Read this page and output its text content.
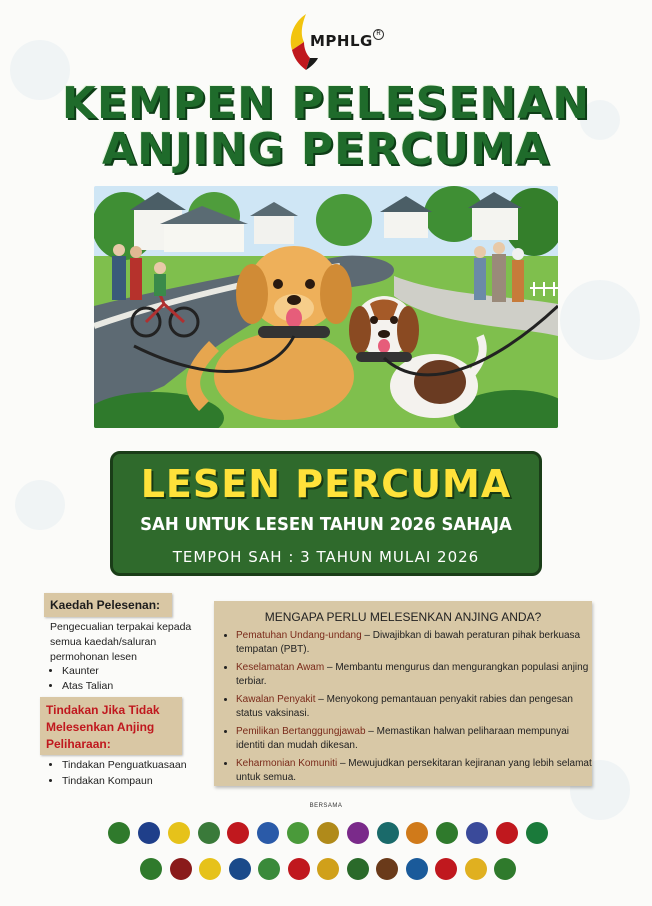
MPHLG R
KEMPEN PELESENAN
ANJING PERCUMA
LESEN PERCUMA
SAH UNTUK LESEN TAHUN 2026 SAHAJA
TEMPOH SAH : 3 TAHUN MULAI 2026
Kaedah Pelesenan:
Pengecualian terpakai kepada semua kaedah/saluran permohonan lesen
• Kaunter
• Atas Talian
Tindakan Jika Tidak Melesenkan Anjing Peliharaan:
• Tindakan Penguatkuasaan
• Tindakan Kompaun
MENGAPA PERLU MELESENKAN ANJING ANDA?
• Pematuhan Undang-undang – Diwajibkan di bawah peraturan pihak berkuasa tempatan (PBT).
• Keselamatan Awam – Membantu mengurus dan mengurangkan populasi anjing terbiar.
• Kawalan Penyakit – Menyokong pemantauan penyakit rabies dan pengesan status vaksinasi.
• Pemilikan Bertanggungjawab – Memastikan halwan peliharaan mempunyai identiti dan mudah dikesan.
• Keharmonian Komuniti – Mewujudkan persekitaran kejiranan yang lebih selamat untuk semua.
BERSAMA
